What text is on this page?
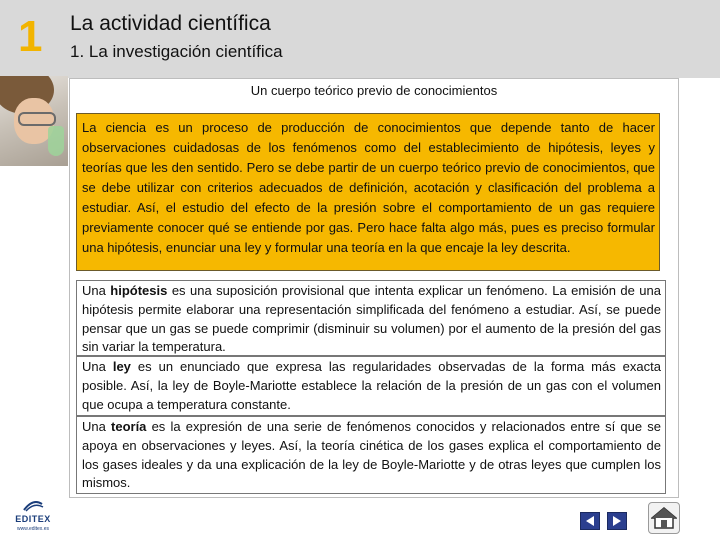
1 La actividad científica
1. La investigación científica
Un cuerpo teórico previo de conocimientos
La ciencia es un proceso de producción de conocimientos que depende tanto de hacer observaciones cuidadosas de los fenómenos como del establecimiento de hipótesis, leyes y teorías que les den sentido. Pero se debe partir de un cuerpo teórico previo de conocimientos, que se debe utilizar con criterios adecuados de definición, acotación y clasificación del problema a estudiar. Así, el estudio del efecto de la presión sobre el comportamiento de un gas requiere previamente conocer qué se entiende por gas. Pero hace falta algo más, pues es preciso formular una hipótesis, enunciar una ley y formular una teoría en la que encaje la ley descrita.
Una hipótesis es una suposición provisional que intenta explicar un fenómeno. La emisión de una hipótesis permite elaborar una representación simplificada del fenómeno a estudiar. Así, se puede pensar que un gas se puede comprimir (disminuir su volumen) por el aumento de la presión del gas sin variar la temperatura.
Una ley es un enunciado que expresa las regularidades observadas de la forma más exacta posible. Así, la ley de Boyle-Mariotte establece la relación de la presión de un gas con el volumen que ocupa a temperatura constante.
Una teoría es la expresión de una serie de fenómenos conocidos y relacionados entre sí que se apoya en observaciones y leyes. Así, la teoría cinética de los gases explica el comportamiento de los gases ideales y da una explicación de la ley de Boyle-Mariotte y de otras leyes que cumplen los mismos.
EDITEX
www.editex.es
